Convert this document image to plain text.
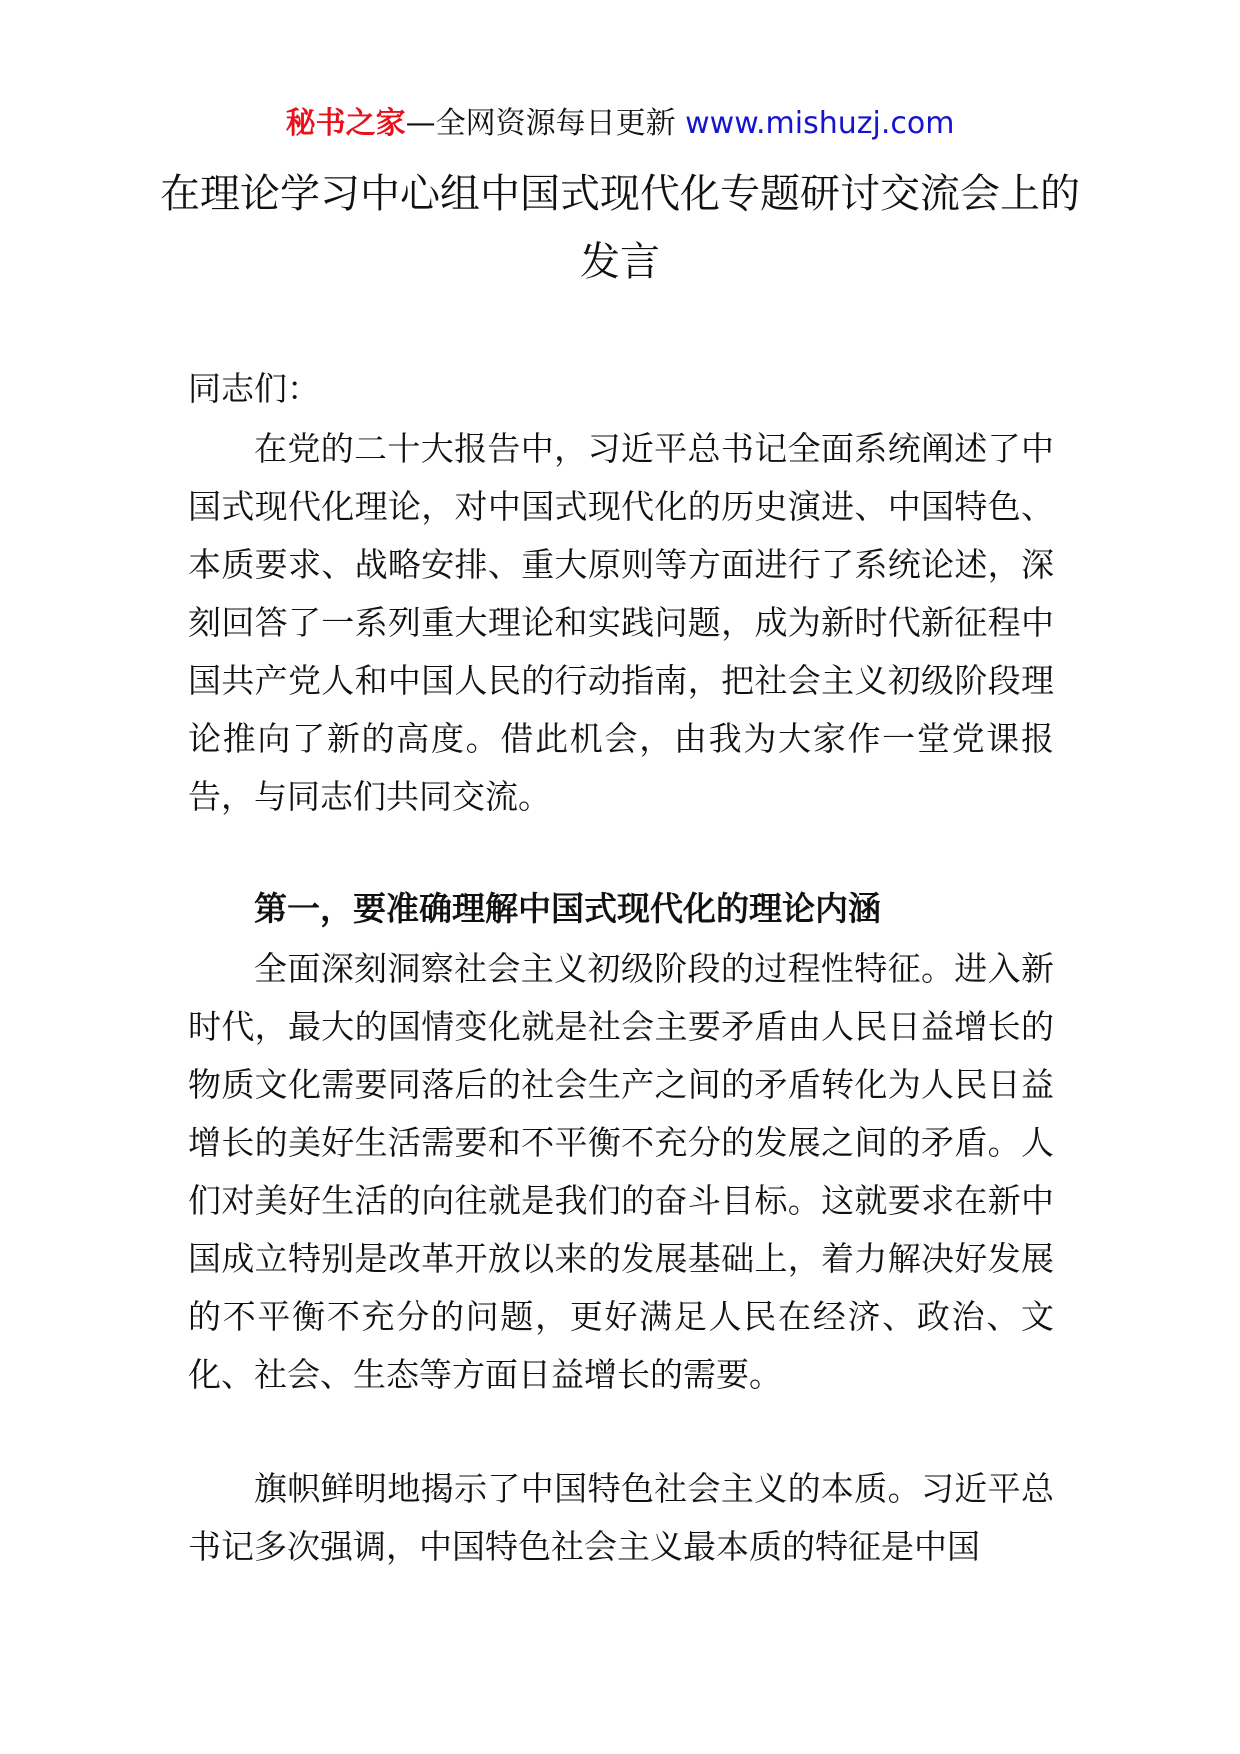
秘书之家—全网资源每日更新 www.mishuzj.com
在理论学习中心组中国式现代化专题研讨交流会上的发言

同志们：

在党的二十大报告中，习近平总书记全面系统阐述了中国式现代化理论，对中国式现代化的历史演进、中国特色、本质要求、战略安排、重大原则等方面进行了系统论述，深刻回答了一系列重大理论和实践问题，成为新时代新征程中国共产党人和中国人民的行动指南，把社会主义初级阶段理论推向了新的高度。借此机会，由我为大家作一堂党课报告，与同志们共同交流。

第一，要准确理解中国式现代化的理论内涵

全面深刻洞察社会主义初级阶段的过程性特征。进入新时代，最大的国情变化就是社会主要矛盾由人民日益增长的物质文化需要同落后的社会生产之间的矛盾转化为人民日益增长的美好生活需要和不平衡不充分的发展之间的矛盾。人们对美好生活的向往就是我们的奋斗目标。这就要求在新中国成立特别是改革开放以来的发展基础上，着力解决好发展的不平衡不充分的问题，更好满足人民在经济、政治、文化、社会、生态等方面日益增长的需要。

旗帜鲜明地揭示了中国特色社会主义的本质。习近平总书记多次强调，中国特色社会主义最本质的特征是中国
